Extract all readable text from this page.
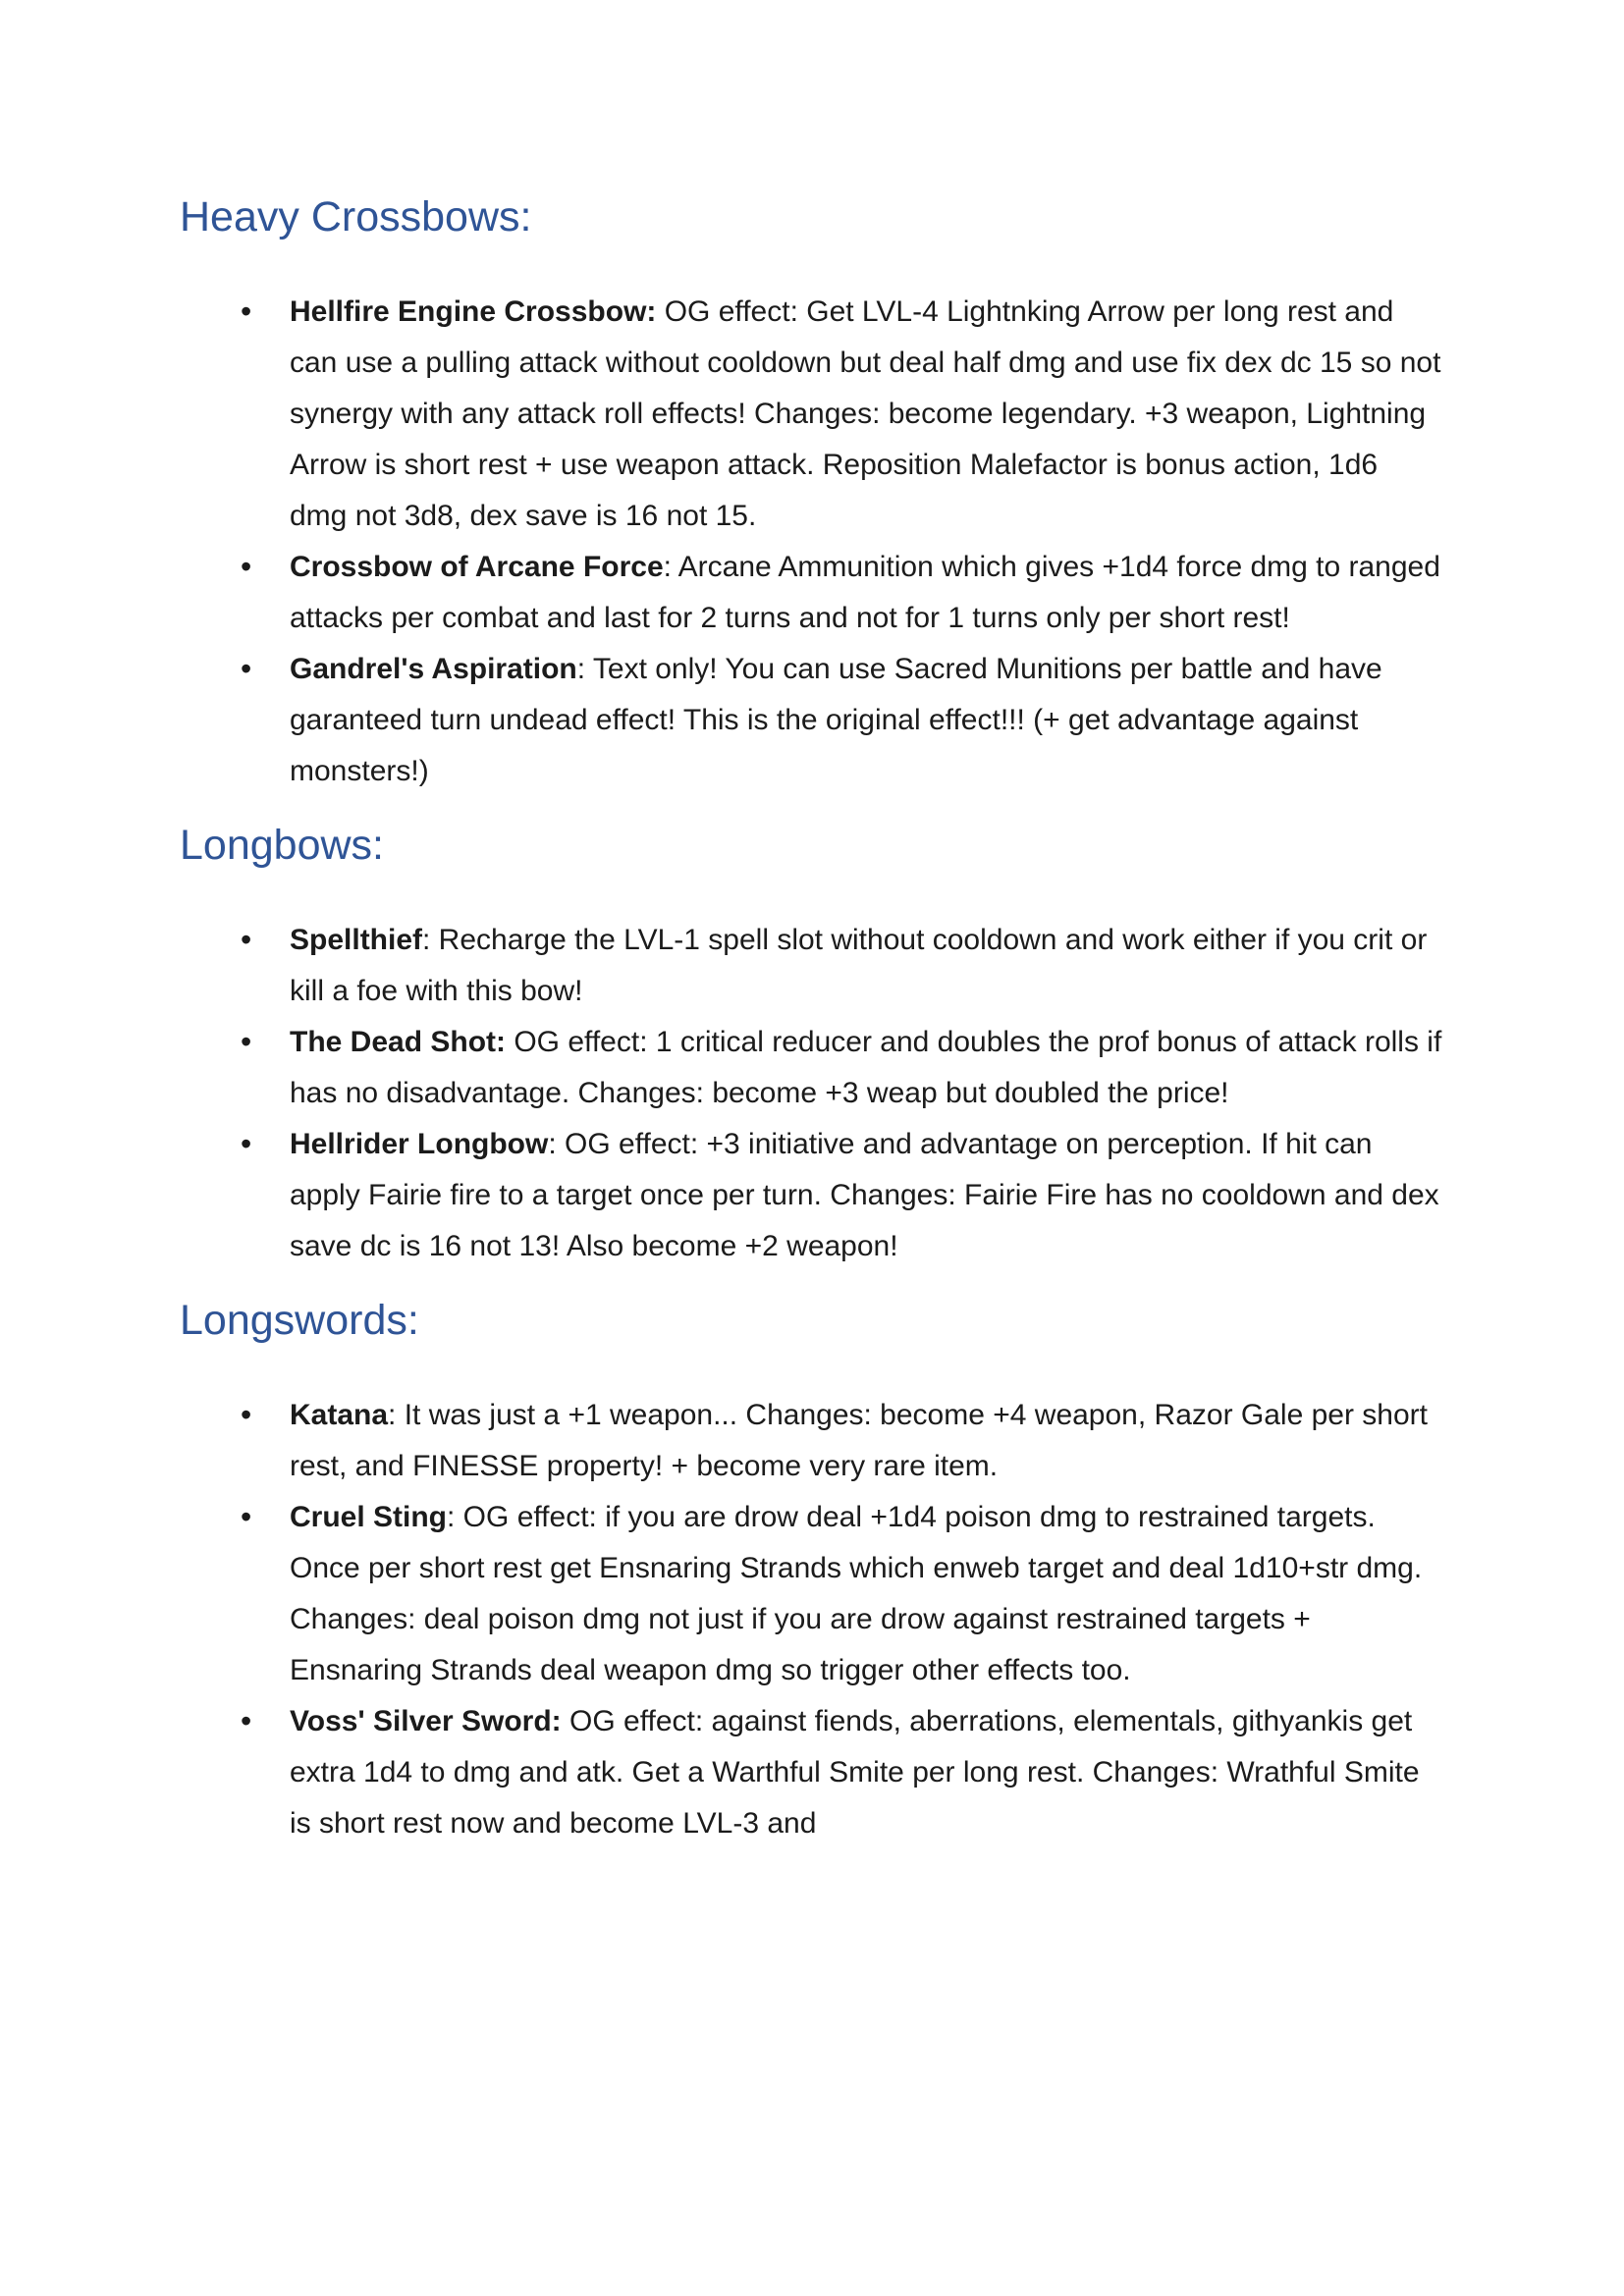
Heavy Crossbows:
• Hellfire Engine Crossbow: OG effect: Get LVL-4 Lightnking Arrow per long rest and can use a pulling attack without cooldown but deal half dmg and use fix dex dc 15 so not synergy with any attack roll effects! Changes: become legendary. +3 weapon, Lightning Arrow is short rest + use weapon attack. Reposition Malefactor is bonus action, 1d6 dmg not 3d8, dex save is 16 not 15.
• Crossbow of Arcane Force: Arcane Ammunition which gives +1d4 force dmg to ranged attacks per combat and last for 2 turns and not for 1 turns only per short rest!
• Gandrel's Aspiration: Text only! You can use Sacred Munitions per battle and have garanteed turn undead effect! This is the original effect!!! (+ get advantage against monsters!)
Longbows:
• Spellthief: Recharge the LVL-1 spell slot without cooldown and work either if you crit or kill a foe with this bow!
• The Dead Shot: OG effect: 1 critical reducer and doubles the prof bonus of attack rolls if has no disadvantage. Changes: become +3 weap but doubled the price!
• Hellrider Longbow: OG effect: +3 initiative and advantage on perception. If hit can apply Fairie fire to a target once per turn. Changes: Fairie Fire has no cooldown and dex save dc is 16 not 13! Also become +2 weapon!
Longswords:
• Katana: It was just a +1 weapon... Changes: become +4 weapon, Razor Gale per short rest, and FINESSE property! + become very rare item.
• Cruel Sting: OG effect: if you are drow deal +1d4 poison dmg to restrained targets. Once per short rest get Ensnaring Strands which enweb target and deal 1d10+str dmg. Changes: deal poison dmg not just if you are drow against restrained targets + Ensnaring Strands deal weapon dmg so trigger other effects too.
• Voss' Silver Sword: OG effect: against fiends, aberrations, elementals, githyankis get extra 1d4 to dmg and atk. Get a Warthful Smite per long rest. Changes: Wrathful Smite is short rest now and become LVL-3 and
